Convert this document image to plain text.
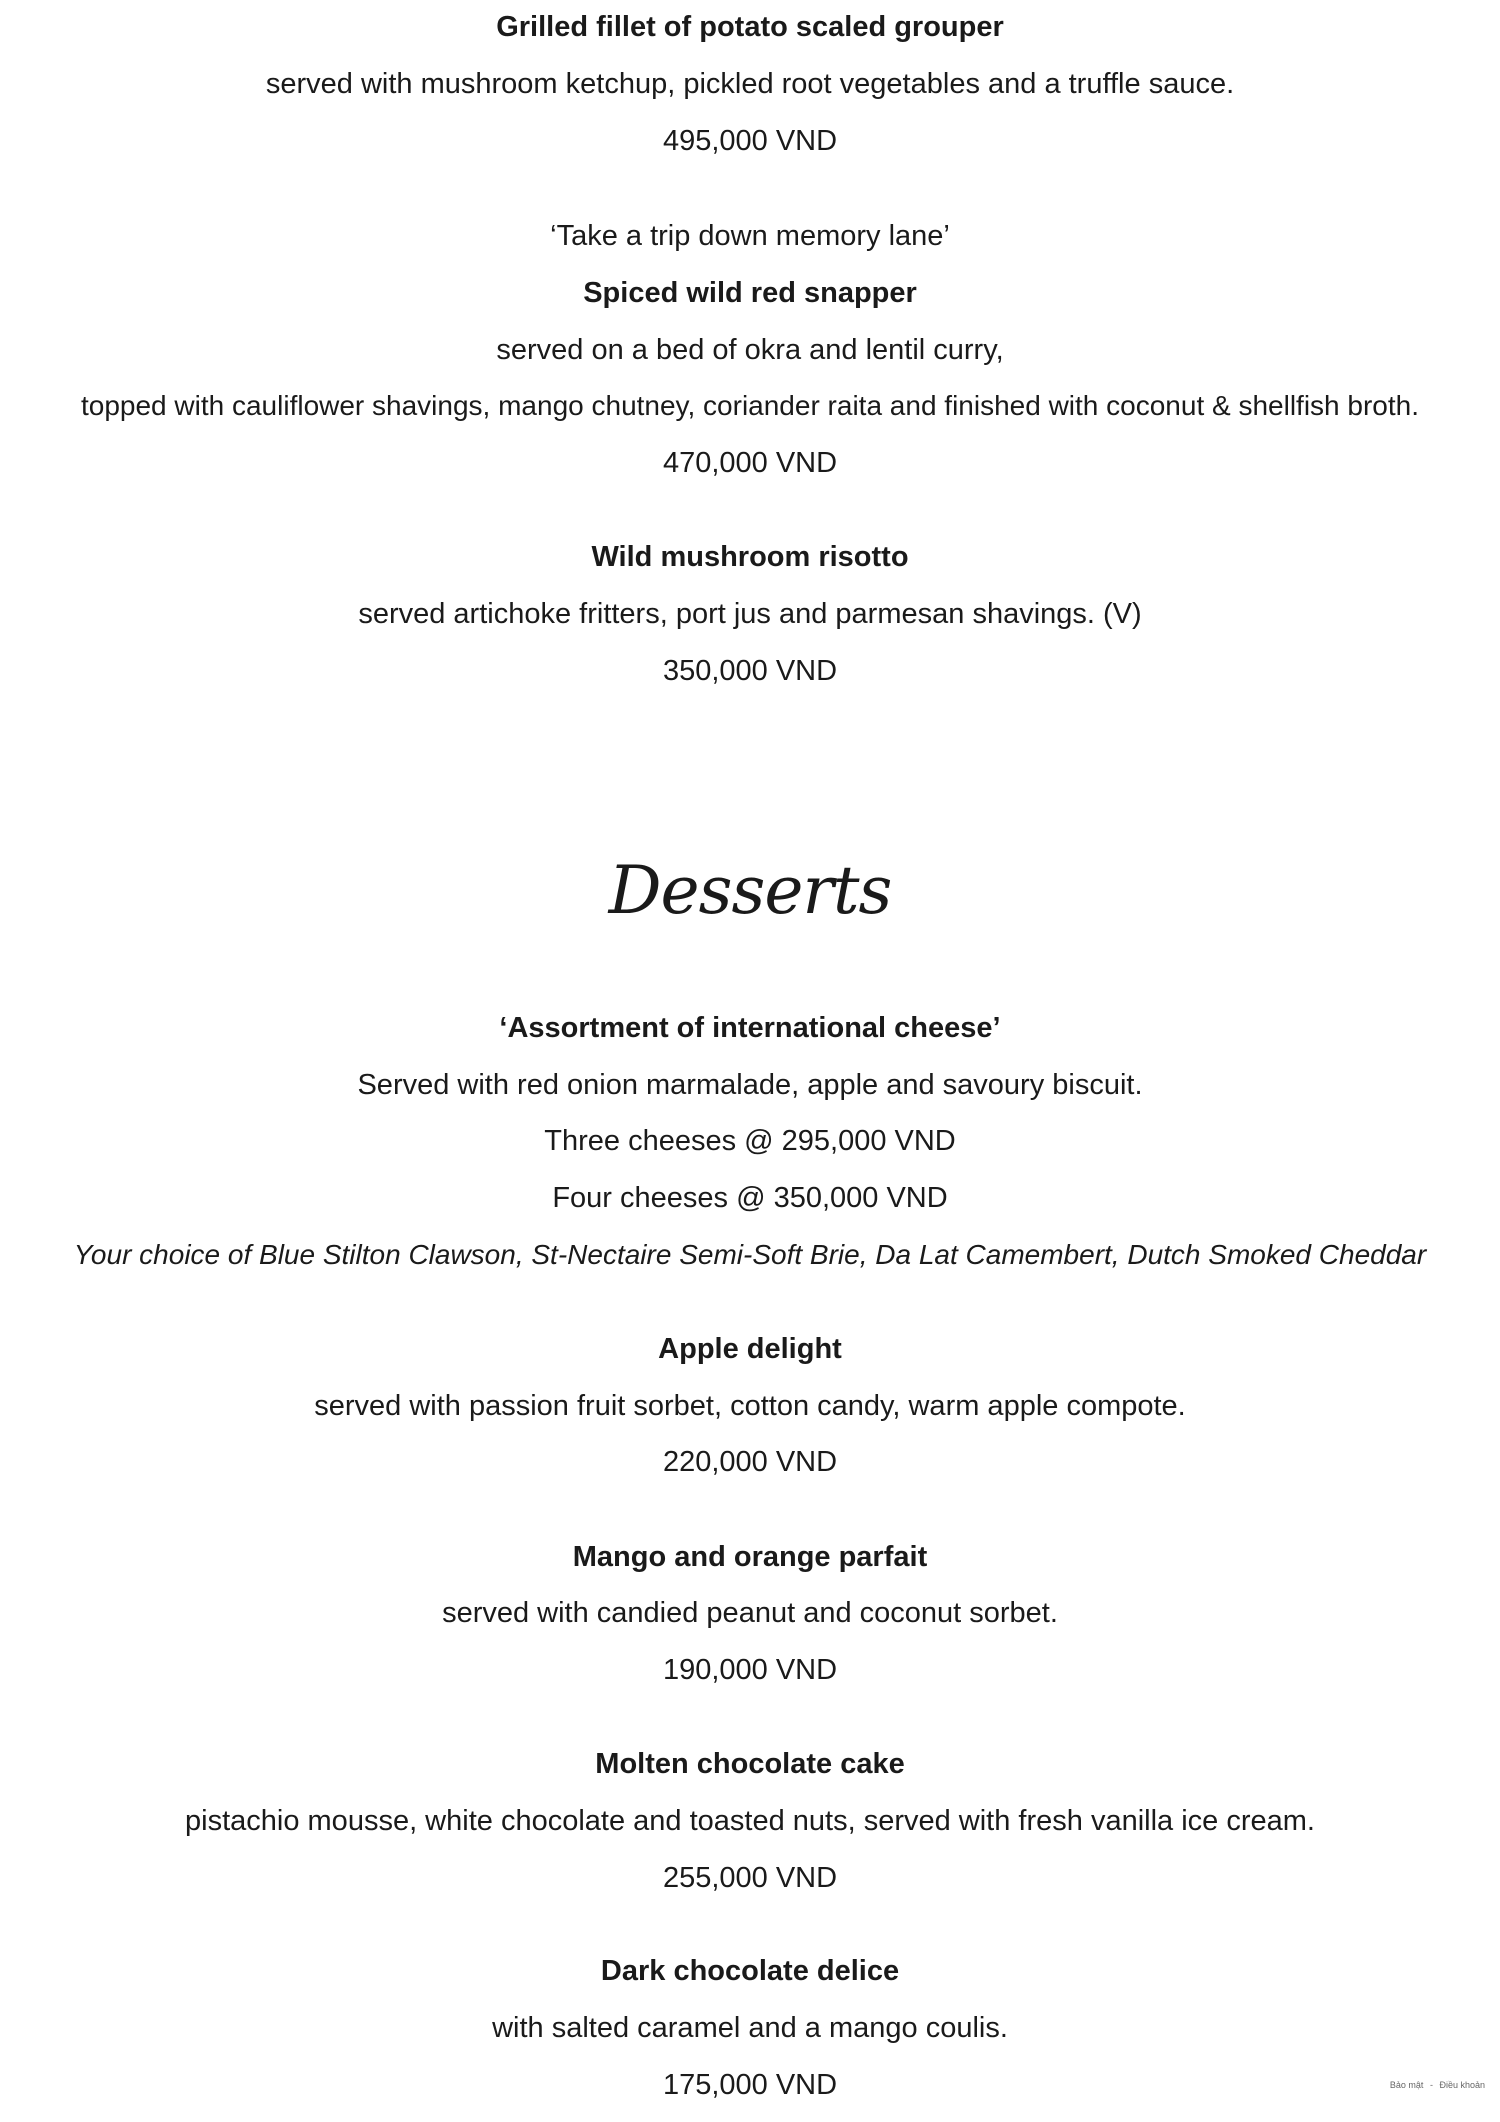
Grilled fillet of potato scaled grouper
served with mushroom ketchup, pickled root vegetables and a truffle sauce.
495,000 VND
‘Take a trip down memory lane’
Spiced wild red snapper
served on a bed of okra and lentil curry,
topped with cauliflower shavings, mango chutney, coriander raita and finished with coconut & shellfish broth.
470,000 VND
Wild mushroom risotto
served artichoke fritters, port jus and parmesan shavings. (V)
350,000 VND
Desserts
‘Assortment of international cheese’
Served with red onion marmalade, apple and savoury biscuit.
Three cheeses @ 295,000 VND
Four cheeses @ 350,000 VND
Your choice of Blue Stilton Clawson, St-Nectaire Semi-Soft Brie, Da Lat Camembert, Dutch Smoked Cheddar
Apple delight
served with passion fruit sorbet, cotton candy, warm apple compote.
220,000 VND
Mango and orange parfait
served with candied peanut and coconut sorbet.
190,000 VND
Molten chocolate cake
pistachio mousse, white chocolate and toasted nuts, served with fresh vanilla ice cream.
255,000 VND
Dark chocolate delice
with salted caramel and a mango coulis.
175,000 VND	Bảo mật - Điều khoản
